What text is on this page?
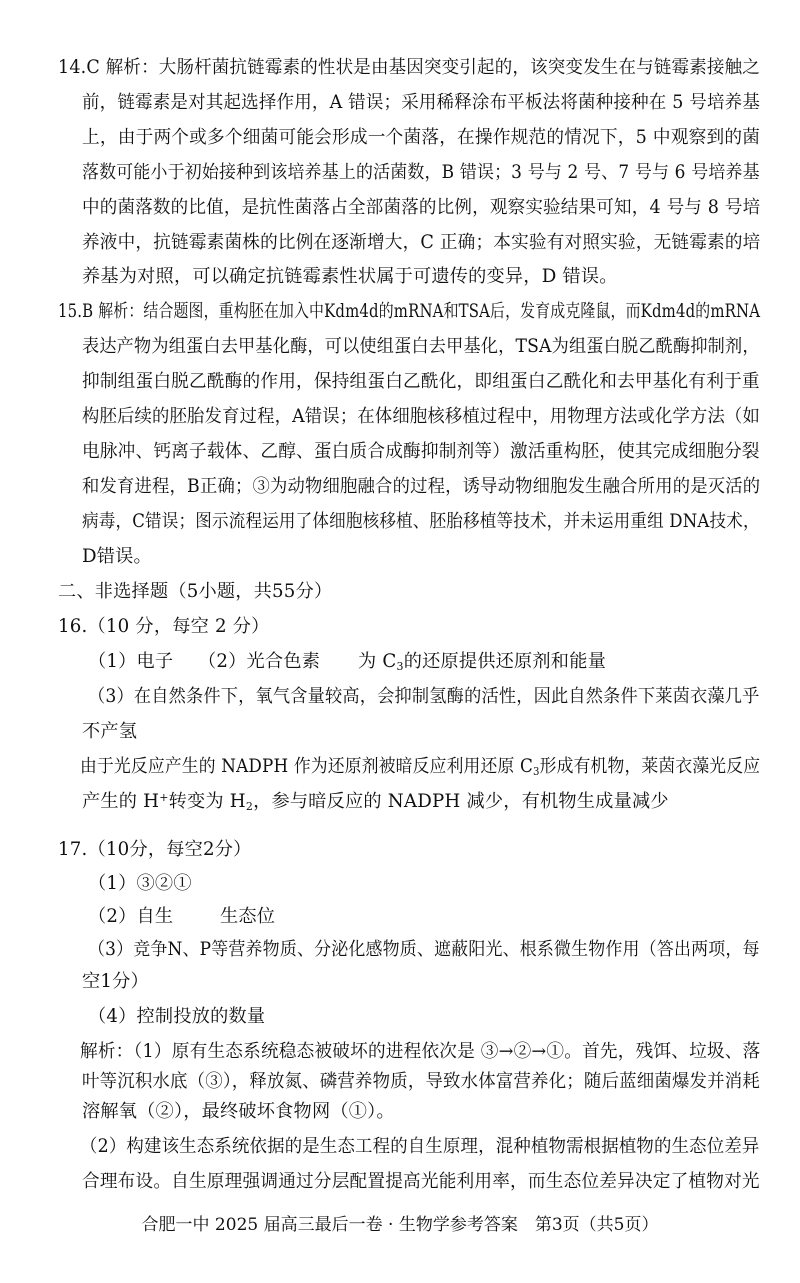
14.C 解析：大肠杆菌抗链霉素的性状是由基因突变引起的，该突变发生在与链霉素接触之
前，链霉素是对其起选择作用，A 错误；采用稀释涂布平板法将菌种接种在 5 号培养基
上，由于两个或多个细菌可能会形成一个菌落，在操作规范的情况下，5 中观察到的菌
落数可能小于初始接种到该培养基上的活菌数，B 错误；3 号与 2 号、7 号与 6 号培养基
中的菌落数的比值，是抗性菌落占全部菌落的比例，观察实验结果可知，4 号与 8 号培
养液中，抗链霉素菌株的比例在逐渐增大，C 正确；本实验有对照实验，无链霉素的培
养基为对照，可以确定抗链霉素性状属于可遗传的变异，D 错误。
15.B 解析：结合题图，重构胚在加入中Kdm4d的mRNA和TSA后，发育成克隆鼠，而Kdm4d的mRNA
表达产物为组蛋白去甲基化酶，可以使组蛋白去甲基化，TSA为组蛋白脱乙酰酶抑制剂，
抑制组蛋白脱乙酰酶的作用，保持组蛋白乙酰化，即组蛋白乙酰化和去甲基化有利于重
构胚后续的胚胎发育过程，A错误；在体细胞核移植过程中，用物理方法或化学方法（如
电脉冲、钙离子载体、乙醇、蛋白质合成酶抑制剂等）激活重构胚，使其完成细胞分裂
和发育进程，B正确；③为动物细胞融合的过程，诱导动物细胞发生融合所用的是灭活的
病毒，C错误；图示流程运用了体细胞核移植、胚胎移植等技术，并未运用重组 DNA技术，
D错误。
二、非选择题（5小题，共55分）
16.（10 分，每空 2 分）
（1）电子 （2）光合色素 为 $C_3$的还原提供还原剂和能量
（3）在自然条件下，氧气含量较高，会抑制氢酶的活性，因此自然条件下莱茵衣藻几乎
不产氢
由于光反应产生的 NADPH 作为还原剂被暗反应利用还原 $C_3$形成有机物，莱茵衣藻光反应
产生的 H+转变为 $H_2$，参与暗反应的 NADPH 减少，有机物生成量减少
17.（10分，每空2分）
（1）③②①
（2）自生	生态位
（3）竞争N、P等营养物质、分泌化感物质、遮蔽阳光、根系微生物作用（答出两项，每
空1分）
（4）控制投放的数量
解析：（1）原有生态系统稳态被破坏的进程依次是 ③→②→①。首先，残饵、垃圾、落
叶等沉积水底（③），释放氮、磷营养物质，导致水体富营养化；随后蓝细菌爆发并消耗
溶解氧（②），最终破坏食物网（①）。
（2）构建该生态系统依据的是生态工程的自生原理，混种植物需根据植物的生态位差异
合理布设。自生原理强调通过分层配置提高光能利用率，而生态位差异决定了植物对光
合肥一中 2025 届高三最后一卷 · 生物学参考答案　第3页（共5页）
